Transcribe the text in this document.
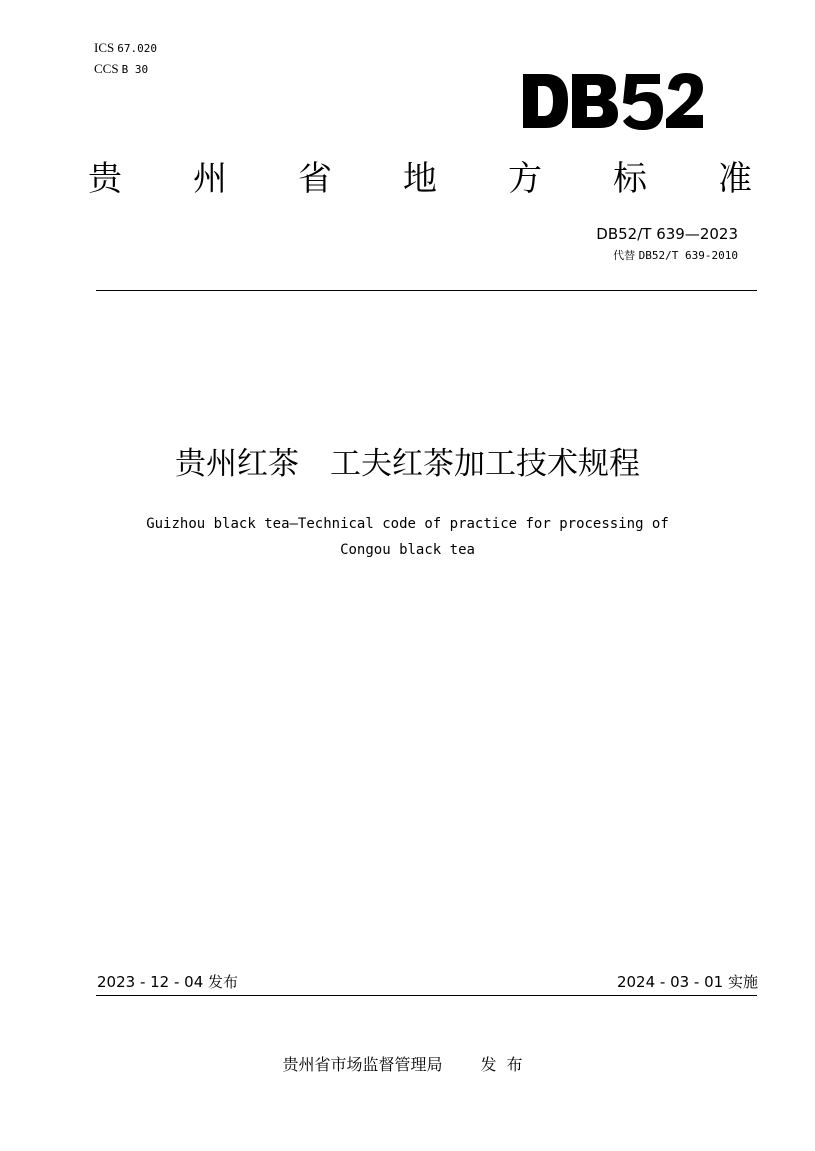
ICS 67.020
CCS B 30
贵 州 省 地 方 标 准
DB52/T 639—2023
代替 DB52/T 639-2010
贵州红茶　工夫红茶加工技术规程
Guizhou black tea—Technical code of practice for processing of
Congou black tea
2023 - 12 - 04 发布	2024 - 03 - 01 实施
贵州省市场监督管理局 发布
